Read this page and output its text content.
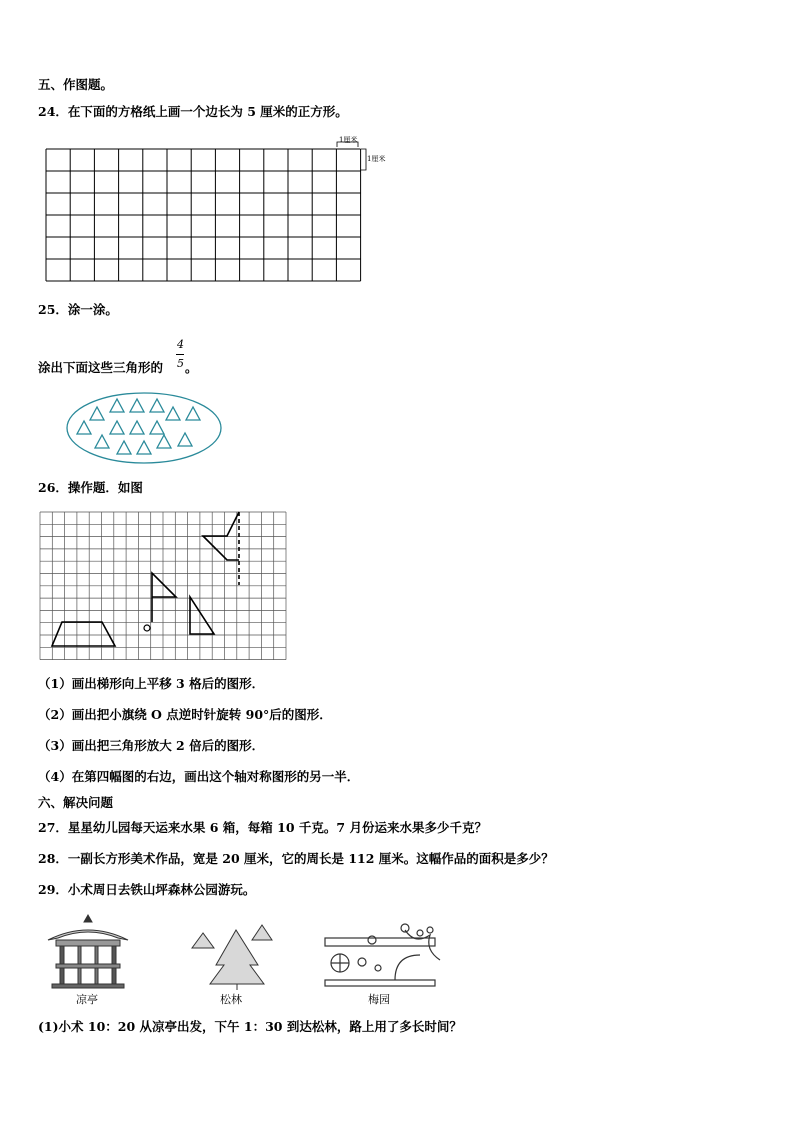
五、作图题。
24．在下面的方格纸上画一个边长为 5 厘米的正方形。
1厘米
1厘米
25．涂一涂。
涂出下面这些三角形的
4
5 。
26．操作题．如图
（1）画出梯形向上平移 3 格后的图形．
（2）画出把小旗绕 O 点逆时针旋转 90°后的图形．
（3）画出把三角形放大 2 倍后的图形．
（4）在第四幅图的右边，画出这个轴对称图形的另一半．
六、解决问题
27．星星幼儿园每天运来水果 6 箱，每箱 10 千克。7 月份运来水果多少千克？
28．一副长方形美术作品，宽是 20 厘米，它的周长是 112 厘米。这幅作品的面积是多少？
29．小术周日去铁山坪森林公园游玩。
凉亭	松林	梅园
(1)小术 10：20 从凉亭出发，下午 1：30 到达松林，路上用了多长时间？
